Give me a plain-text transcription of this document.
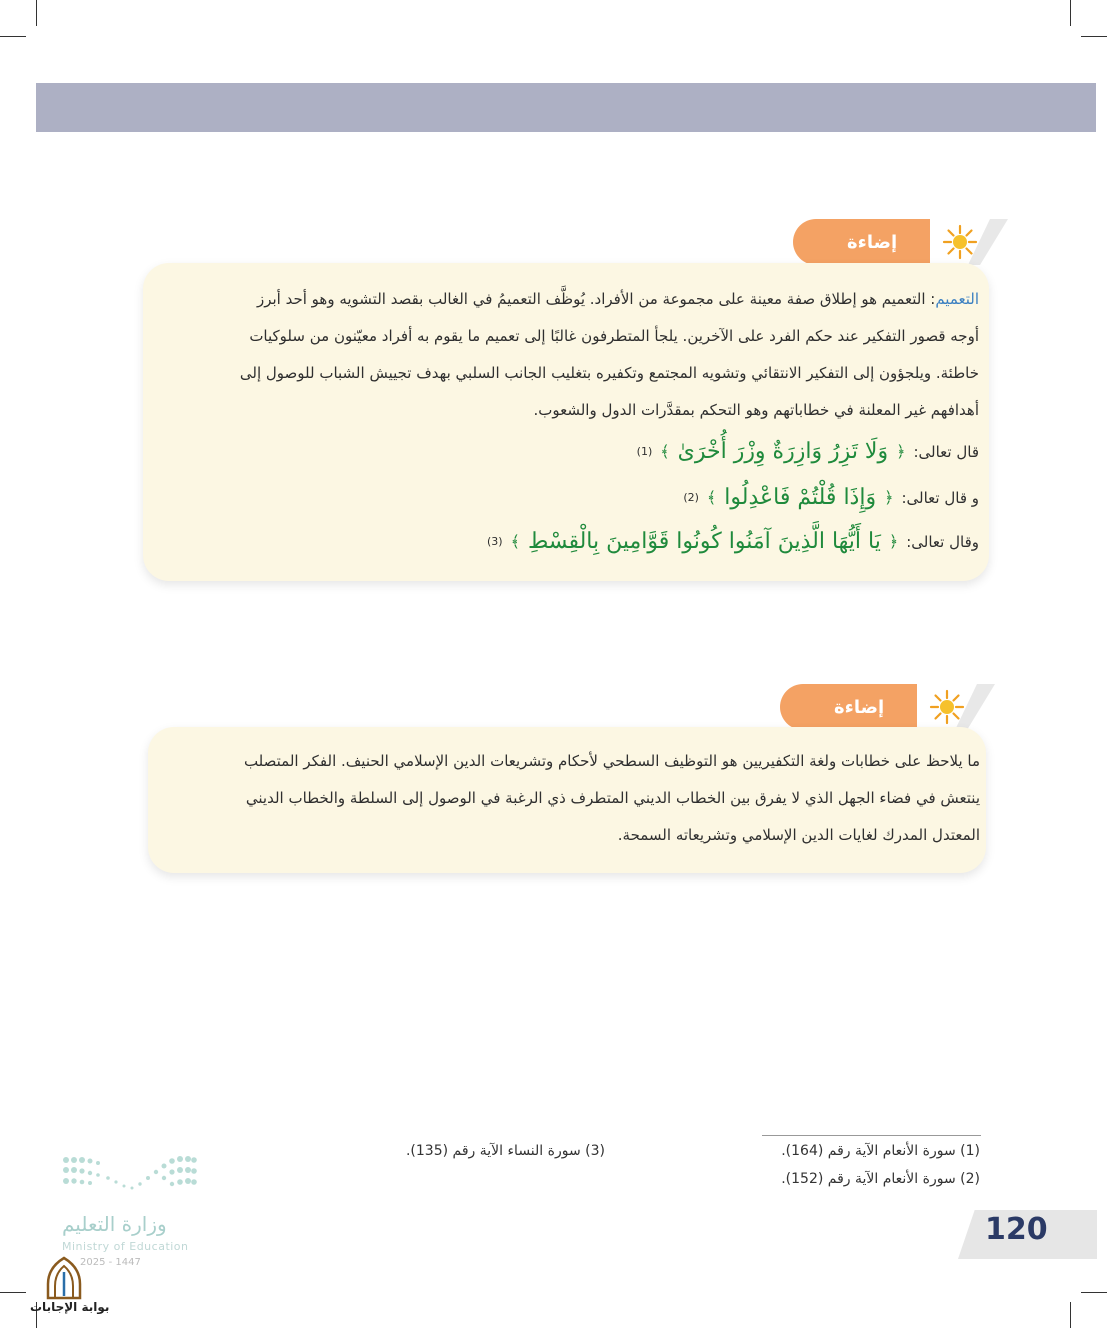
إضاءة
التعميم: التعميم هو إطلاق صفة معينة على مجموعة من الأفراد. يُوظَّف التعميمُ في الغالب بقصد التشويه وهو أحد أبرز
أوجه قصور التفكير عند حكم الفرد على الآخرين. يلجأ المتطرفون غالبًا إلى تعميم ما يقوم به أفراد معيّنون من سلوكيات
خاطئة. ويلجؤون إلى التفكير الانتقائي وتشويه المجتمع وتكفيره بتغليب الجانب السلبي بهدف تجييش الشباب للوصول إلى
أهدافهم غير المعلنة في خطاباتهم وهو التحكم بمقدَّرات الدول والشعوب.
قال تعالى:
﴿
وَلَا تَزِرُ وَازِرَةٌ وِزْرَ أُخْرَىٰ
﴾
(1)
و قال تعالى:
﴿
وَإِذَا قُلْتُمْ فَاعْدِلُوا
﴾
(2)
وقال تعالى:
﴿
يَا أَيُّهَا الَّذِينَ آمَنُوا كُونُوا قَوَّامِينَ بِالْقِسْطِ
﴾
(3)
إضاءة
ما يلاحظ على خطابات ولغة التكفيريين هو التوظيف السطحي لأحكام وتشريعات الدين الإسلامي الحنيف. الفكر المتصلب
ينتعش في فضاء الجهل الذي لا يفرق بين الخطاب الديني المتطرف ذي الرغبة في الوصول إلى السلطة والخطاب الديني
المعتدل المدرك لغايات الدين الإسلامي وتشريعاته السمحة.
(1) سورة الأنعام الآية رقم (164).
(2) سورة الأنعام الآية رقم (152).
(3) سورة النساء الآية رقم (135).
120
وزارة التعليم
Ministry of Education
2025 - 1447
بوابة الإجابات
